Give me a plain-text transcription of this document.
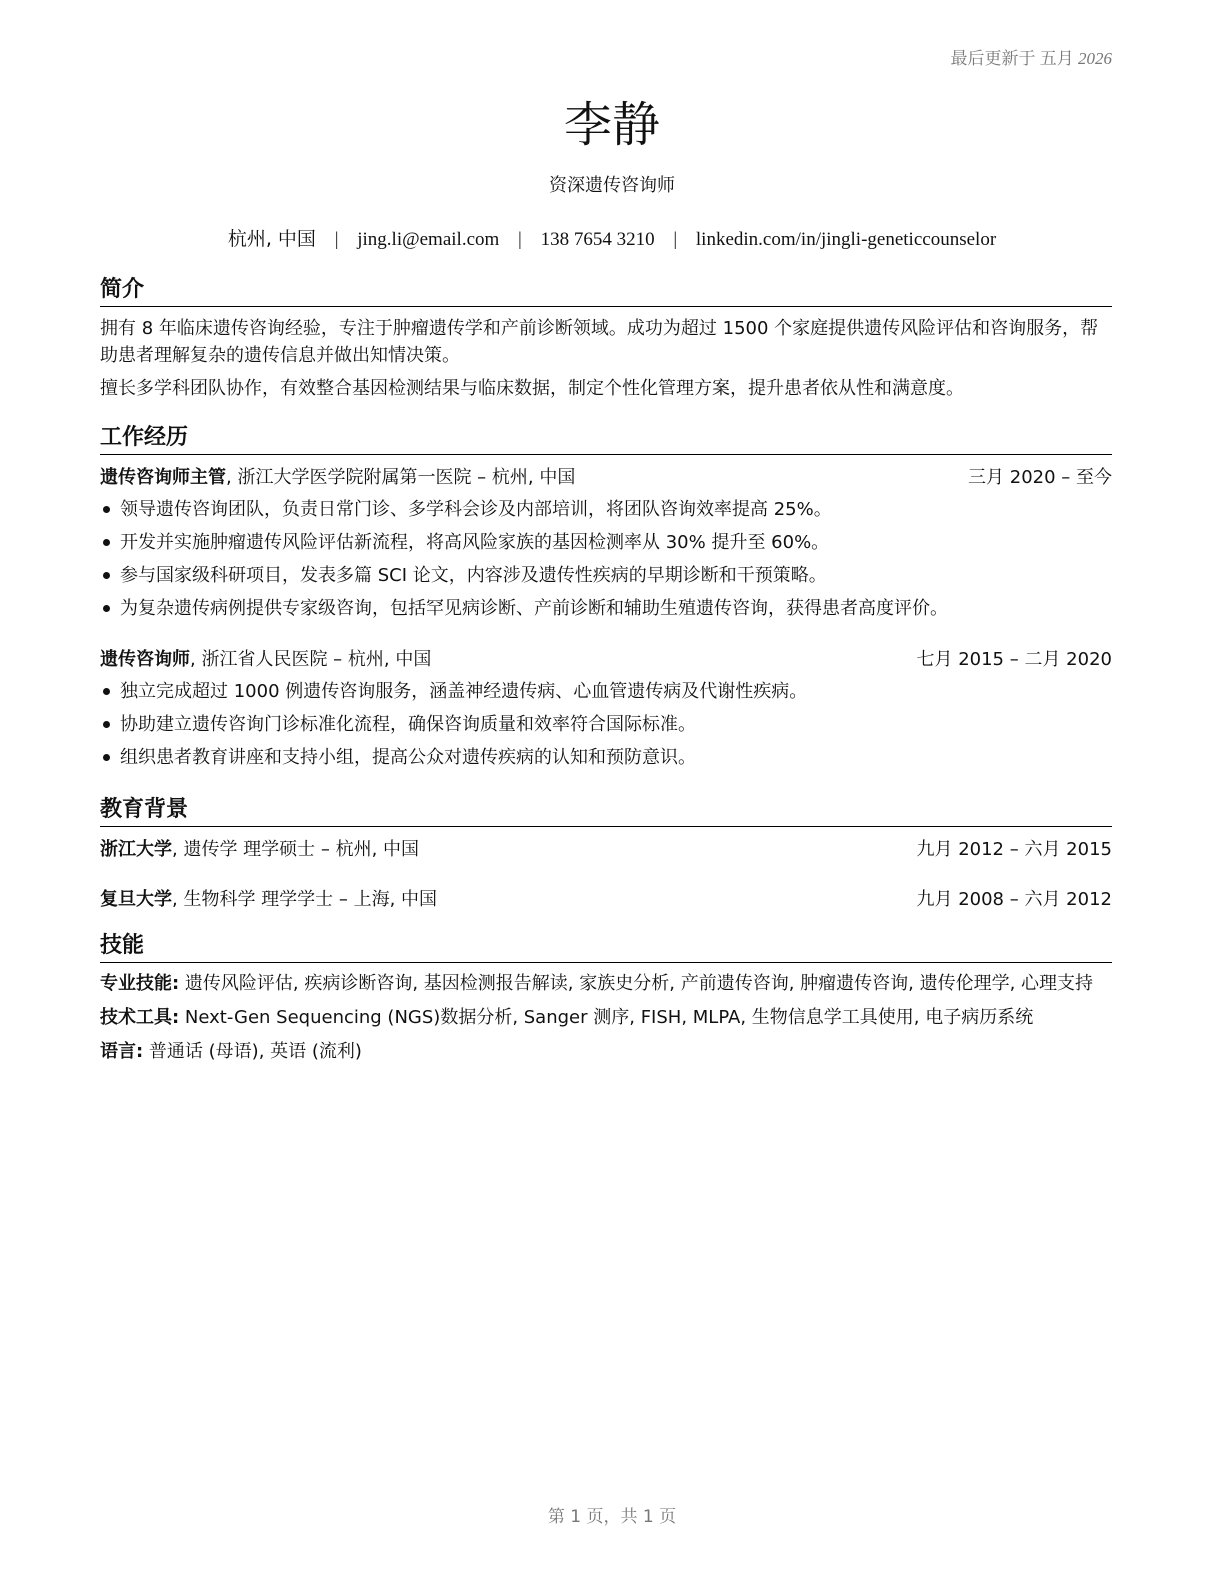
最后更新于 五月 2026
李静
资深遗传咨询师
杭州, 中国 | jing.li@email.com | 138 7654 3210 | linkedin.com/in/jingli-geneticcounselor
简介

拥有 8 年临床遗传咨询经验，专注于肿瘤遗传学和产前诊断领域。成功为超过 1500 个家庭提供遗传风险评估和咨询服务，帮助患者理解复杂的遗传信息并做出知情决策。

擅长多学科团队协作，有效整合基因检测结果与临床数据，制定个性化管理方案，提升患者依从性和满意度。

工作经历
遗传咨询师主管, 浙江大学医学院附属第一医院 – 杭州, 中国	三月 2020 – 至今
领导遗传咨询团队，负责日常门诊、多学科会诊及内部培训，将团队咨询效率提高 25%。
开发并实施肿瘤遗传风险评估新流程，将高风险家族的基因检测率从 30% 提升至 60%。
参与国家级科研项目，发表多篇 SCI 论文，内容涉及遗传性疾病的早期诊断和干预策略。
为复杂遗传病例提供专家级咨询，包括罕见病诊断、产前诊断和辅助生殖遗传咨询，获得患者高度评价。
遗传咨询师, 浙江省人民医院 – 杭州, 中国	七月 2015 – 二月 2020
独立完成超过 1000 例遗传咨询服务，涵盖神经遗传病、心血管遗传病及代谢性疾病。
协助建立遗传咨询门诊标准化流程，确保咨询质量和效率符合国际标准。
组织患者教育讲座和支持小组，提高公众对遗传疾病的认知和预防意识。
教育背景
浙江大学, 遗传学 理学硕士 – 杭州, 中国	九月 2012 – 六月 2015
复旦大学, 生物科学 理学学士 – 上海, 中国	九月 2008 – 六月 2012
技能

专业技能: 遗传风险评估, 疾病诊断咨询, 基因检测报告解读, 家族史分析, 产前遗传咨询, 肿瘤遗传咨询, 遗传伦理学, 心理支持

技术工具: Next-Gen Sequencing (NGS)数据分析, Sanger 测序, FISH, MLPA, 生物信息学工具使用, 电子病历系统

语言: 普通话 (母语), 英语 (流利)

第 1 页，共 1 页
